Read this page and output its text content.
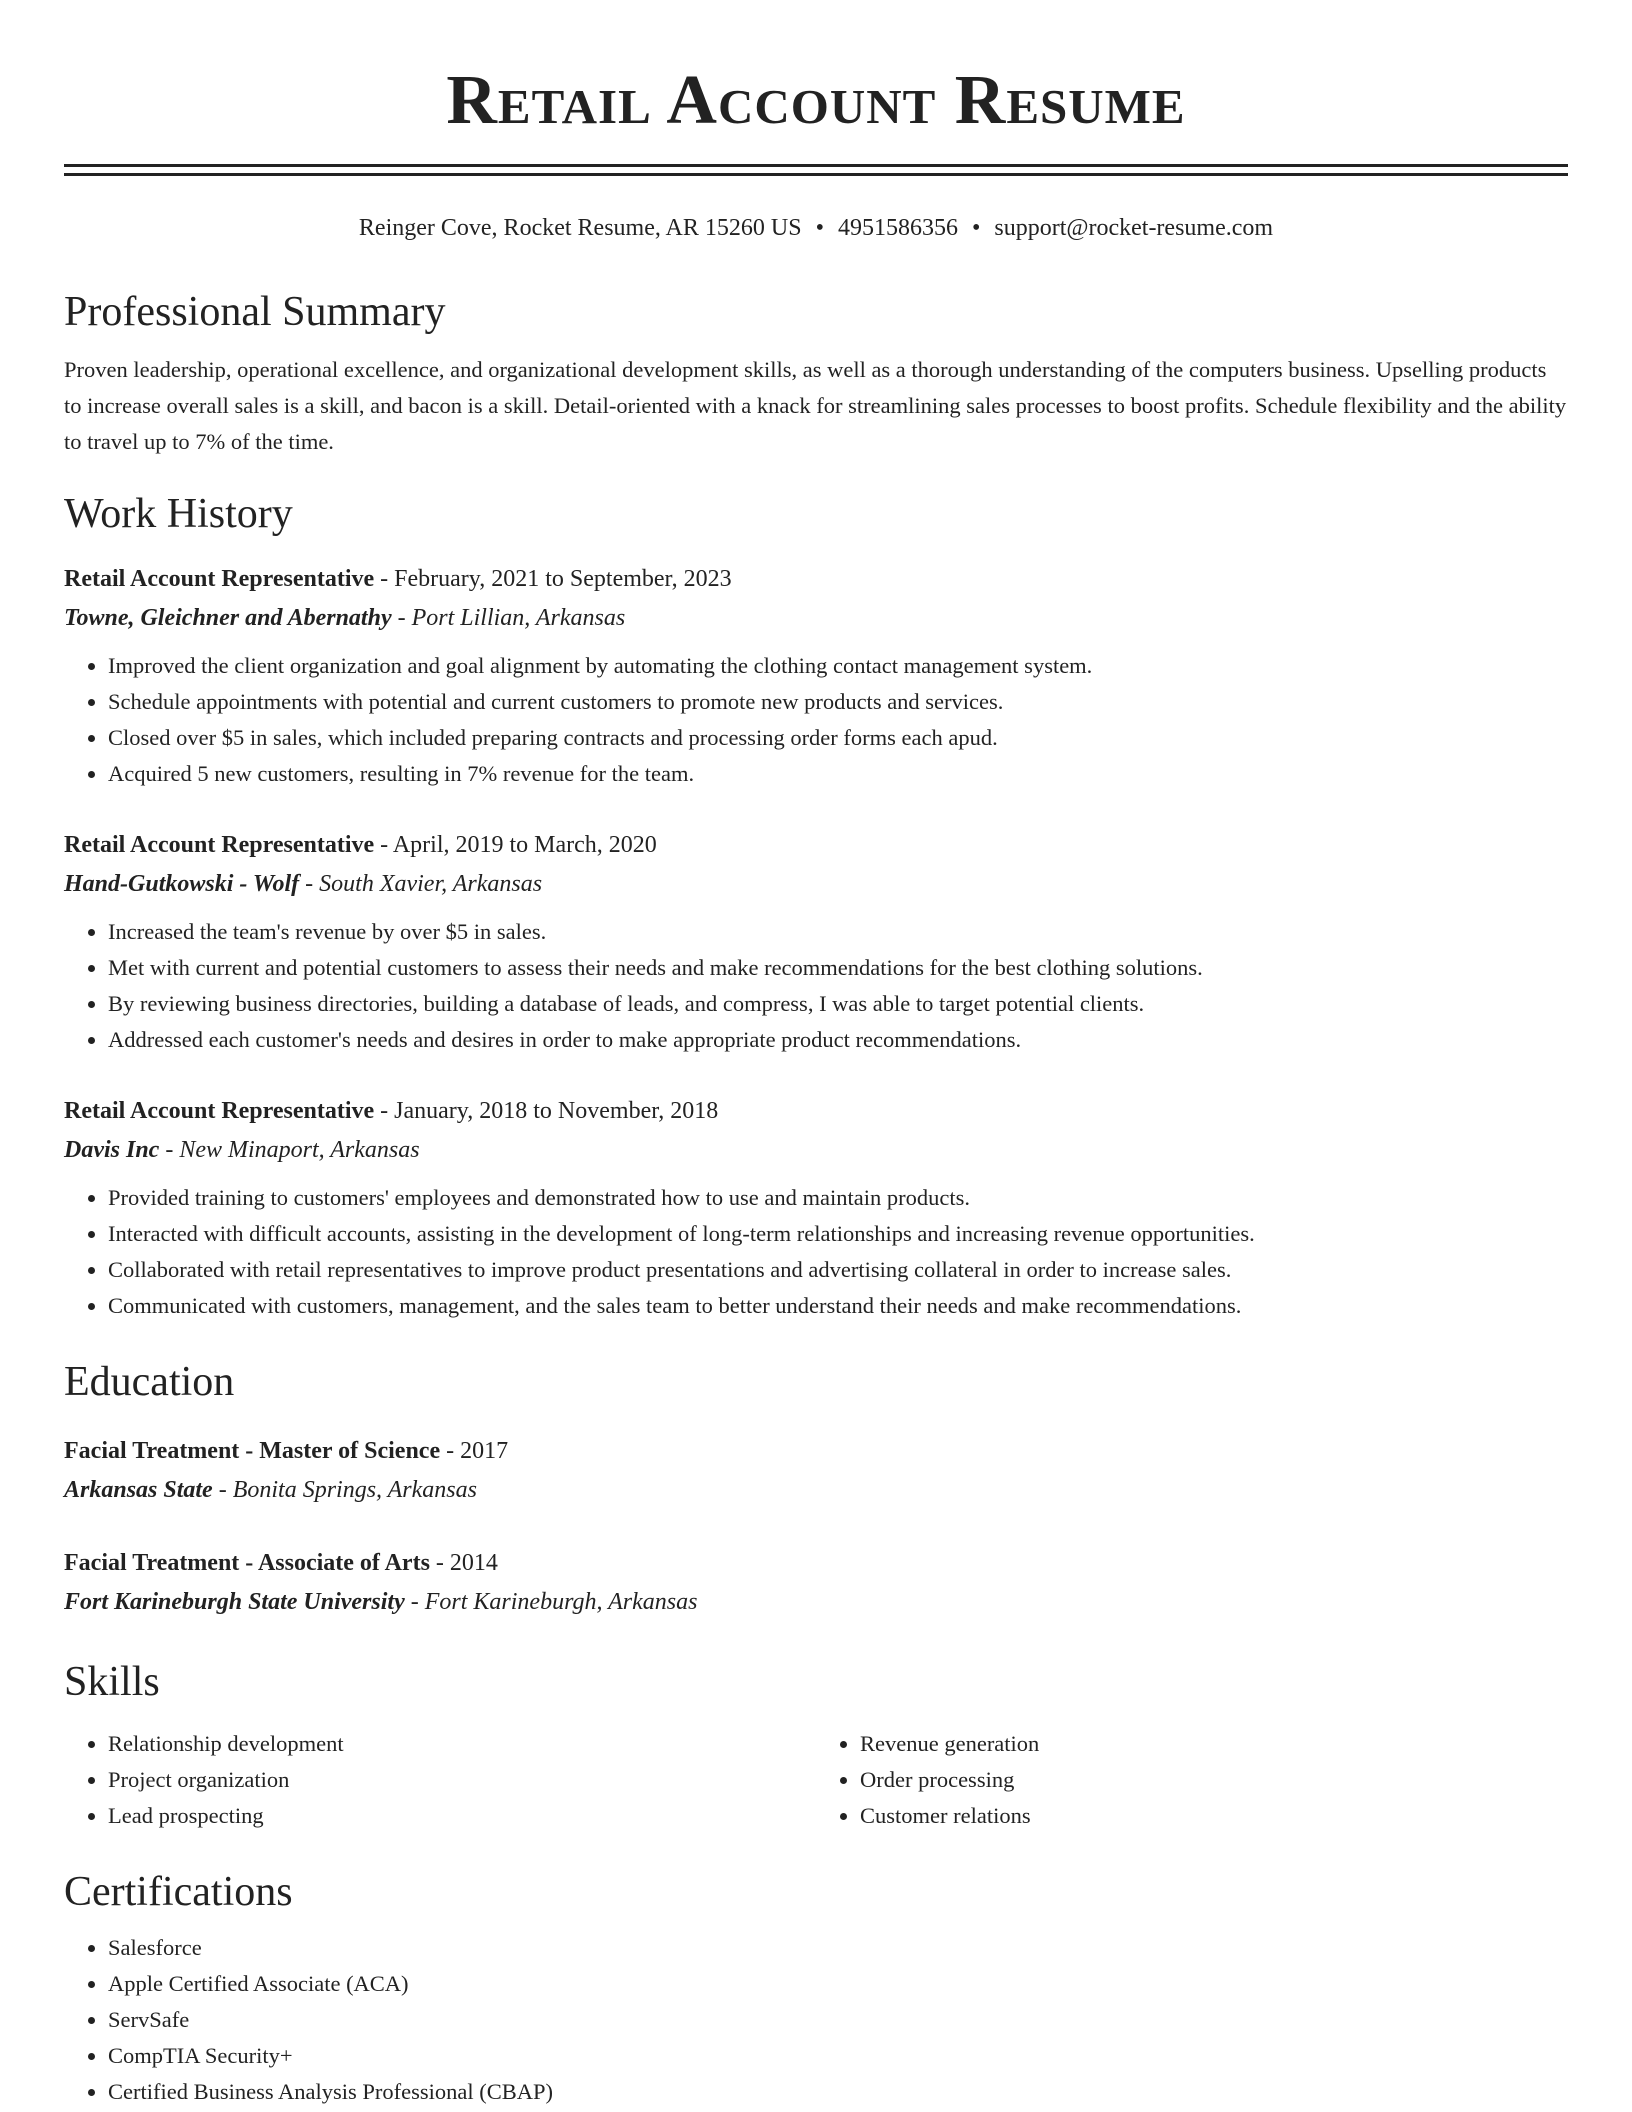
Retail Account Resume
Reinger Cove, Rocket Resume, AR 15260 US • 4951586356 • support@rocket-resume.com
Professional Summary

Proven leadership, operational excellence, and organizational development skills, as well as a thorough understanding of the computers business. Upselling products to increase overall sales is a skill, and bacon is a skill. Detail-oriented with a knack for streamlining sales processes to boost profits. Schedule flexibility and the ability to travel up to 7% of the time.

Work History
Retail Account Representative - February, 2021 to September, 2023
Towne, Gleichner and Abernathy - Port Lillian, Arkansas
• Improved the client organization and goal alignment by automating the clothing contact management system.
• Schedule appointments with potential and current customers to promote new products and services.
• Closed over $5 in sales, which included preparing contracts and processing order forms each apud.
• Acquired 5 new customers, resulting in 7% revenue for the team.
Retail Account Representative - April, 2019 to March, 2020
Hand-Gutkowski - Wolf - South Xavier, Arkansas
• Increased the team's revenue by over $5 in sales.
• Met with current and potential customers to assess their needs and make recommendations for the best clothing solutions.
• By reviewing business directories, building a database of leads, and compress, I was able to target potential clients.
• Addressed each customer's needs and desires in order to make appropriate product recommendations.
Retail Account Representative - January, 2018 to November, 2018
Davis Inc - New Minaport, Arkansas
• Provided training to customers' employees and demonstrated how to use and maintain products.
• Interacted with difficult accounts, assisting in the development of long-term relationships and increasing revenue opportunities.
• Collaborated with retail representatives to improve product presentations and advertising collateral in order to increase sales.
• Communicated with customers, management, and the sales team to better understand their needs and make recommendations.
Education
Facial Treatment - Master of Science - 2017
Arkansas State - Bonita Springs, Arkansas
Facial Treatment - Associate of Arts - 2014
Fort Karineburgh State University - Fort Karineburgh, Arkansas
Skills
• Relationship development
• Project organization
• Lead prospecting
• Revenue generation
• Order processing
• Customer relations
Certifications
• Salesforce
• Apple Certified Associate (ACA)
• ServSafe
• CompTIA Security+
• Certified Business Analysis Professional (CBAP)
